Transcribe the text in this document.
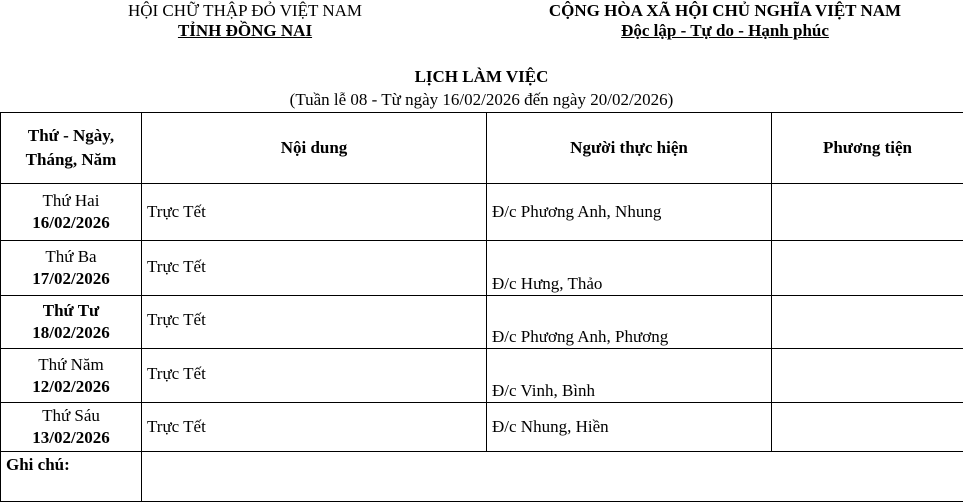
HỘI CHỮ THẬP ĐỎ VIỆT NAM
TỈNH ĐỒNG NAI
CỘNG HÒA XÃ HỘI CHỦ NGHĨA VIỆT NAM
Độc lập - Tự do - Hạnh phúc
LỊCH LÀM VIỆC
(Tuần lễ 08 - Từ ngày 16/02/2026 đến ngày 20/02/2026)
Thứ - Ngày, Tháng, Năm	Nội dung	Người thực hiện	Phương tiện

Thứ Hai
16/02/2026	Trực Tết	Đ/c Phương Anh, Nhung	

Thứ Ba
17/02/2026	Trực Tết	Đ/c Hưng, Thảo	

Thứ Tư
18/02/2026	Trực Tết	Đ/c Phương Anh, Phương	

Thứ Năm
12/02/2026	Trực Tết	Đ/c Vinh, Bình	

Thứ Sáu
13/02/2026	Trực Tết	Đ/c Nhung, Hiền	
Ghi chú:			
